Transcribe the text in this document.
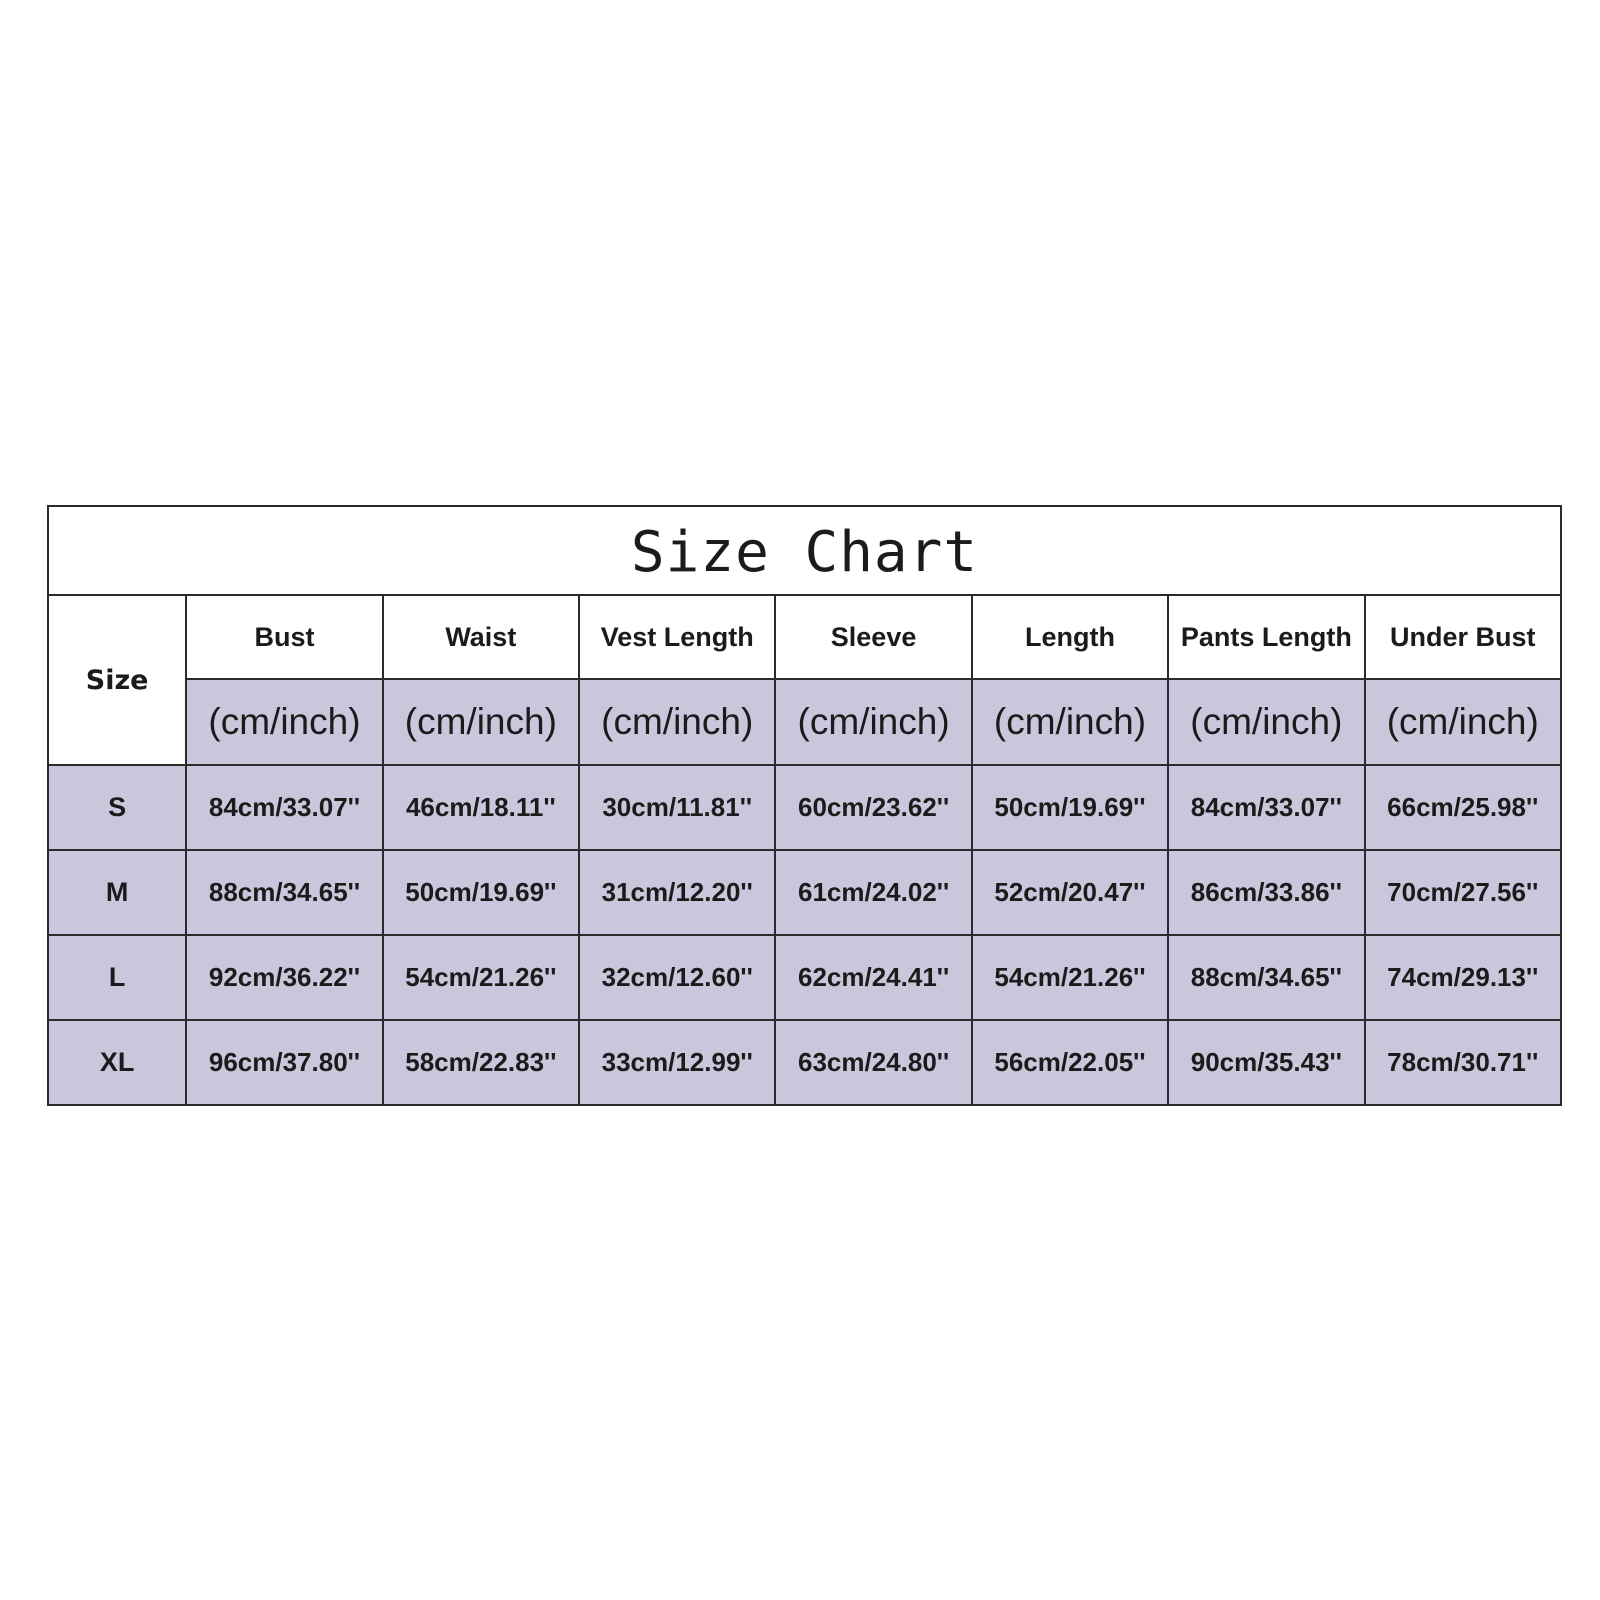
Size Chart							
Size	Bust	Waist	Vest Length	Sleeve	Length	Pants Length	Under Bust
	(cm/inch)	(cm/inch)	(cm/inch)	(cm/inch)	(cm/inch)	(cm/inch)	(cm/inch)
S	84cm/33.07''	46cm/18.11''	30cm/11.81''	60cm/23.62''	50cm/19.69''	84cm/33.07''	66cm/25.98''
M	88cm/34.65''	50cm/19.69''	31cm/12.20''	61cm/24.02''	52cm/20.47''	86cm/33.86''	70cm/27.56''
L	92cm/36.22''	54cm/21.26''	32cm/12.60''	62cm/24.41''	54cm/21.26''	88cm/34.65''	74cm/29.13''
XL	96cm/37.80''	58cm/22.83''	33cm/12.99''	63cm/24.80''	56cm/22.05''	90cm/35.43''	78cm/30.71''
